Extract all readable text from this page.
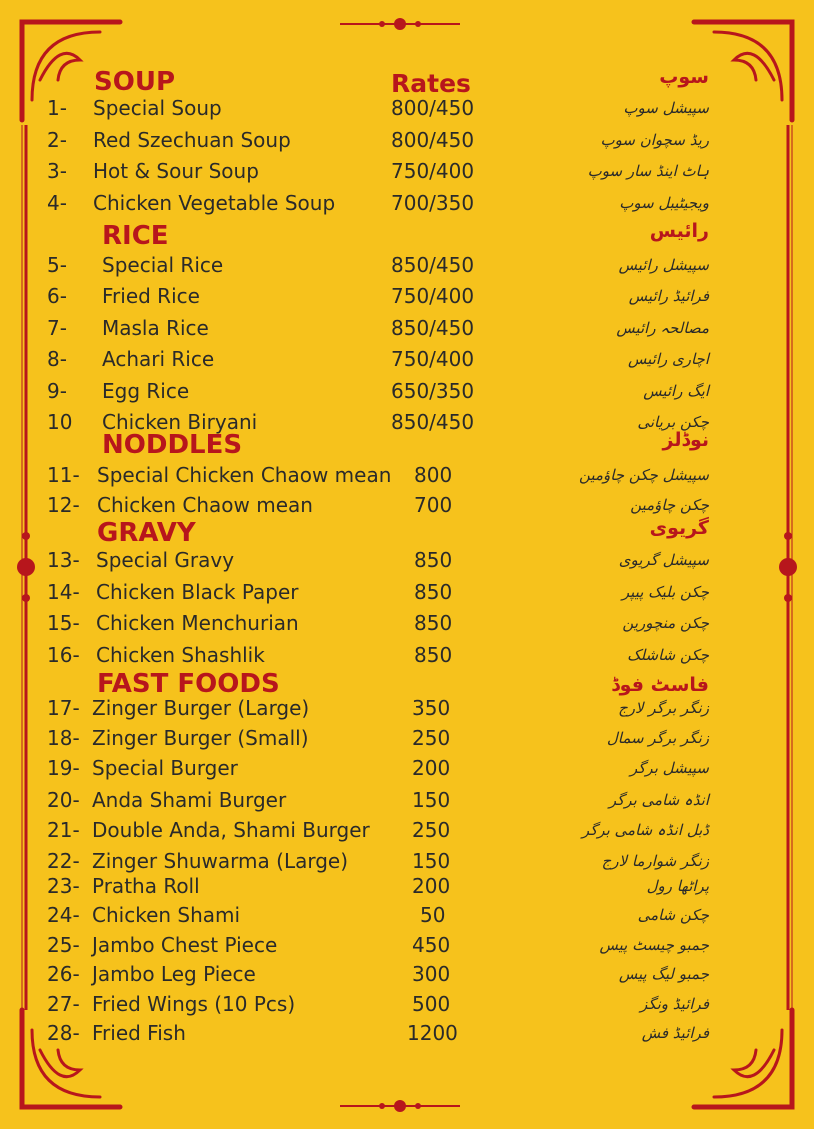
SOUP	سوپ
1- Special Soup	800/450	سپیشل سوپ
2- Red Szechuan Soup	800/450	ریڈ سچوان سوپ
3- Hot & Sour Soup	750/400	ہاٹ اینڈ سار سوپ
4- Chicken Vegetable Soup	700/350	ویجیٹیبل سوپ
RICE	رائیس
5- Special Rice	850/450	سپیشل رائیس
6- Fried Rice	750/400	فرائیڈ رائیس
7- Masla Rice	850/450	مصالحہ رائیس
8- Achari Rice	750/400	اچاری رائیس
9- Egg Rice	650/350	ایگ رائیس
10 Chicken Biryani	850/450	چکن بریانی
NODDLES	نوڈلز
11- Special Chicken Chaow mean 800	سپیشل چکن چاؤمین
12- Chicken Chaow mean	700	چکن چاؤمین
GRAVY	گریوی
13- Special Gravy	850	سپیشل گریوی
14- Chicken Black Paper	850	چکن بلیک پیپر
15- Chicken Menchurian	850	چکن منچورین
16- Chicken Shashlik	850	چکن شاشلک
FAST FOODS	فاسٹ فوڈ
17- Zinger Burger (Large)	350	زنگر برگر لارج
18- Zinger Burger (Small)	250	زنگر برگر سمال
19- Special Burger	200	سپیشل برگر
20- Anda Shami Burger	150	انڈہ شامی برگر
21- Double Anda, Shami Burger 250	ڈبل انڈہ شامی برگر
22- Zinger Shuwarma (Large)	150	زنگر شوارما لارج
23- Pratha Roll	200	پراٹھا رول
24- Chicken Shami	50	چکن شامی
25- Jambo Chest Piece	450	جمبو چیسٹ پیس
26- Jambo Leg Piece	300	جمبو لیگ پیس
27- Fried Wings (10 Pcs)	500	فرائیڈ ونگز
28- Fried Fish	1200	فرائیڈ فش
Rates
